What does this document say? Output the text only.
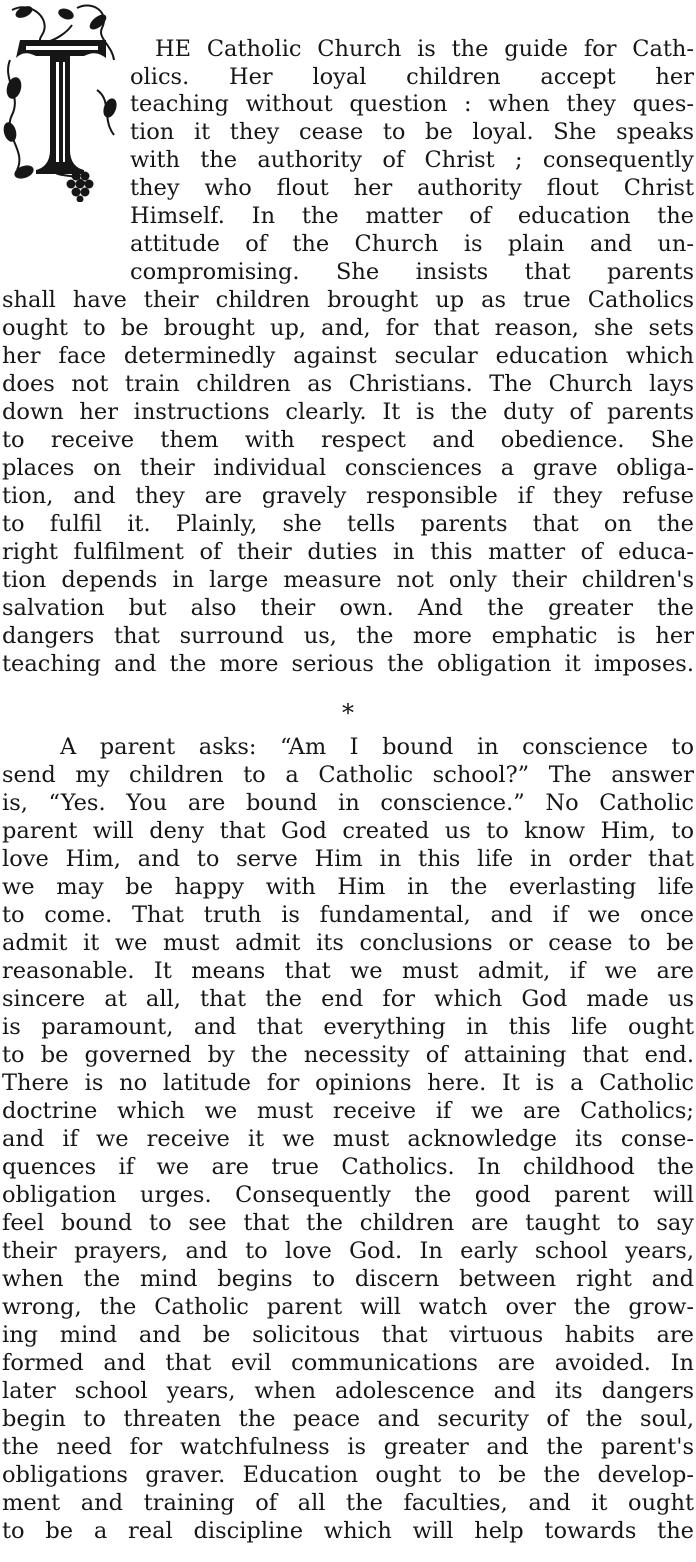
HE Catholic Church is the guide for Cath-
olics. Her loyal children accept her
teaching without question : when they ques-
tion it they cease to be loyal. She speaks
with the authority of Christ ; consequently
they who flout her authority flout Christ
Himself. In the matter of education the
attitude of the Church is plain and un-
compromising. She insists that parents
shall have their children brought up as true Catholics
ought to be brought up, and, for that reason, she sets
her face determinedly against secular education which
does not train children as Christians. The Church lays
down her instructions clearly. It is the duty of parents
to receive them with respect and obedience. She
places on their individual consciences a grave obliga-
tion, and they are gravely responsible if they refuse
to fulfil it. Plainly, she tells parents that on the
right fulfilment of their duties in this matter of educa-
tion depends in large measure not only their children's
salvation but also their own. And the greater the
dangers that surround us, the more emphatic is her
teaching and the more serious the obligation it imposes.
*
A parent asks: “Am I bound in conscience to
send my children to a Catholic school?” The answer
is, “Yes. You are bound in conscience.” No Catholic
parent will deny that God created us to know Him, to
love Him, and to serve Him in this life in order that
we may be happy with Him in the everlasting life
to come. That truth is fundamental, and if we once
admit it we must admit its conclusions or cease to be
reasonable. It means that we must admit, if we are
sincere at all, that the end for which God made us
is paramount, and that everything in this life ought
to be governed by the necessity of attaining that end.
There is no latitude for opinions here. It is a Catholic
doctrine which we must receive if we are Catholics;
and if we receive it we must acknowledge its conse-
quences if we are true Catholics. In childhood the
obligation urges. Consequently the good parent will
feel bound to see that the children are taught to say
their prayers, and to love God. In early school years,
when the mind begins to discern between right and
wrong, the Catholic parent will watch over the grow-
ing mind and be solicitous that virtuous habits are
formed and that evil communications are avoided. In
later school years, when adolescence and its dangers
begin to threaten the peace and security of the soul,
the need for watchfulness is greater and the parent's
obligations graver. Education ought to be the develop-
ment and training of all the faculties, and it ought
to be a real discipline which will help towards the
